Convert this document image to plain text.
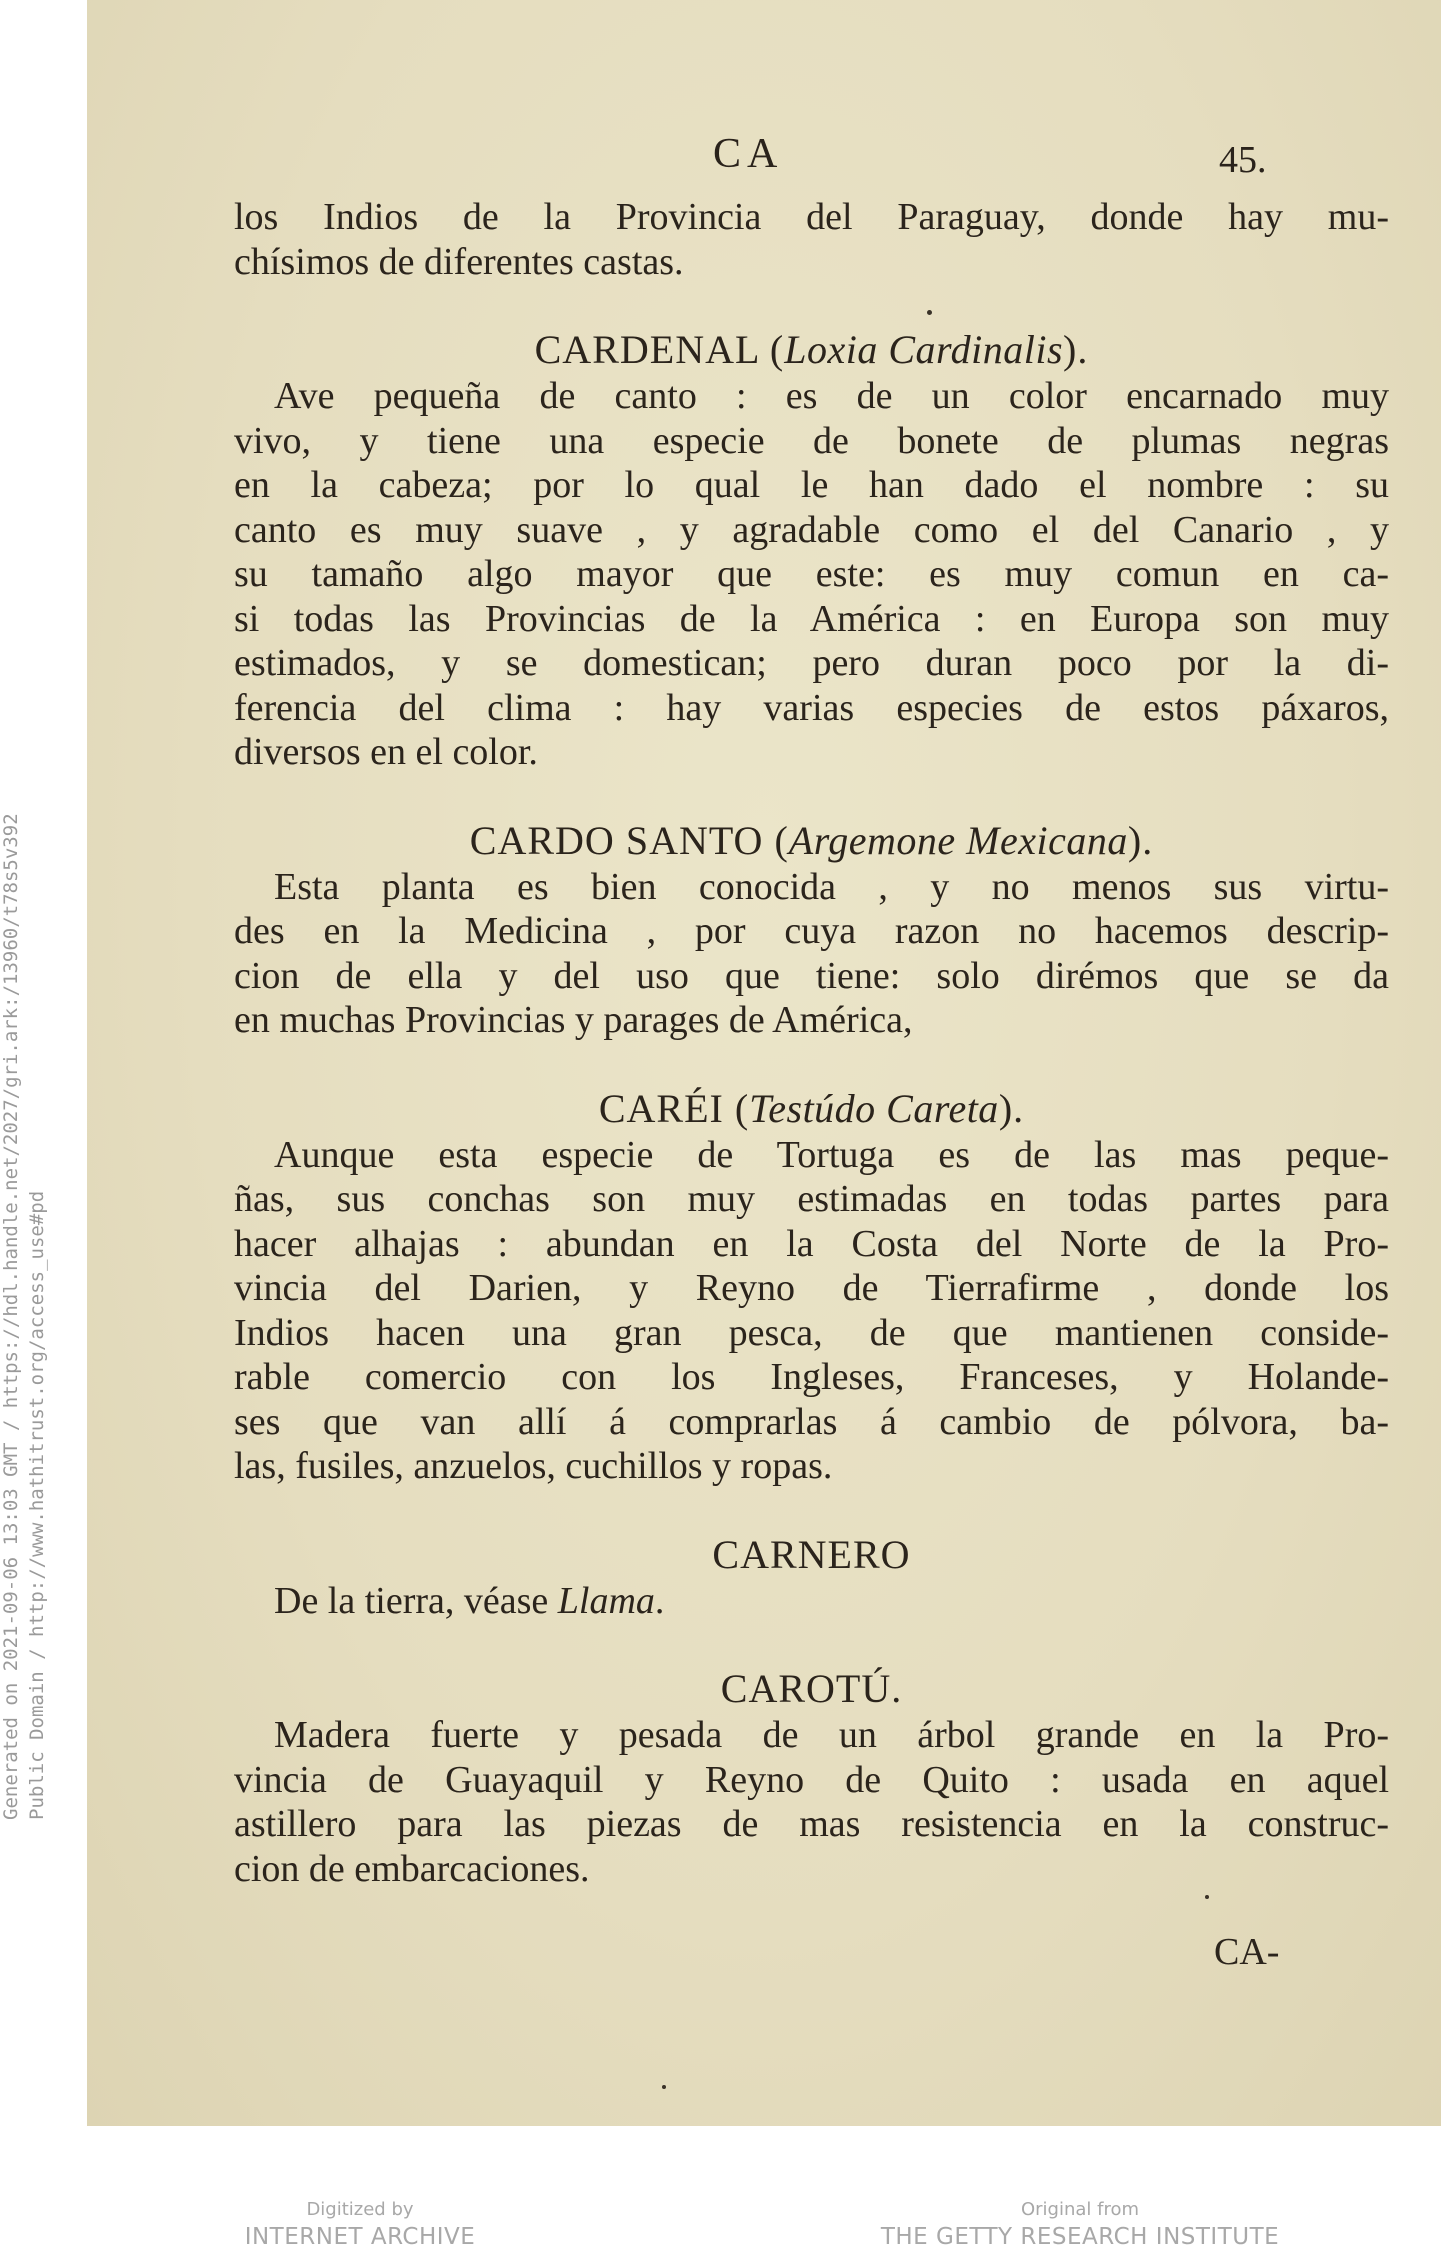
Generated on 2021-09-06 13:03 GMT / https://hdl.handle.net/2027/gri.ark:/13960/t78s5v392 Public Domain / http://www.hathitrust.org/access_use#pd
CA	45.
los Indios de la Provincia del Paraguay, donde hay mu-
chísimos de diferentes castas.
CARDENAL (Loxia Cardinalis).
Ave pequeña de canto : es de un color encarnado muy
vivo, y tiene una especie de bonete de plumas negras
en la cabeza; por lo qual le han dado el nombre : su
canto es muy suave , y agradable como el del Canario , y
su tamaño algo mayor que este: es muy comun en ca-
si todas las Provincias de la América : en Europa son muy
estimados, y se domestican; pero duran poco por la di-
ferencia del clima : hay varias especies de estos páxaros,
diversos en el color.
CARDO SANTO (Argemone Mexicana).
Esta planta es bien conocida , y no menos sus virtu-
des en la Medicina , por cuya razon no hacemos descrip-
cion de ella y del uso que tiene: solo dirémos que se da
en muchas Provincias y parages de América,
CARÉI (Testúdo Careta).
Aunque esta especie de Tortuga es de las mas peque-
ñas, sus conchas son muy estimadas en todas partes para
hacer alhajas : abundan en la Costa del Norte de la Pro-
vincia del Darien, y Reyno de Tierrafirme , donde los
Indios hacen una gran pesca, de que mantienen conside-
rable comercio con los Ingleses, Franceses, y Holande-
ses que van allí á comprarlas á cambio de pólvora, ba-
las, fusiles, anzuelos, cuchillos y ropas.
CARNERO
De la tierra, véase Llama.
CAROTÚ.
Madera fuerte y pesada de un árbol grande en la Pro-
vincia de Guayaquil y Reyno de Quito : usada en aquel
astillero para las piezas de mas resistencia en la construc-
cion de embarcaciones.
CA-
Digitized by
INTERNET ARCHIVE
Original from
THE GETTY RESEARCH INSTITUTE
